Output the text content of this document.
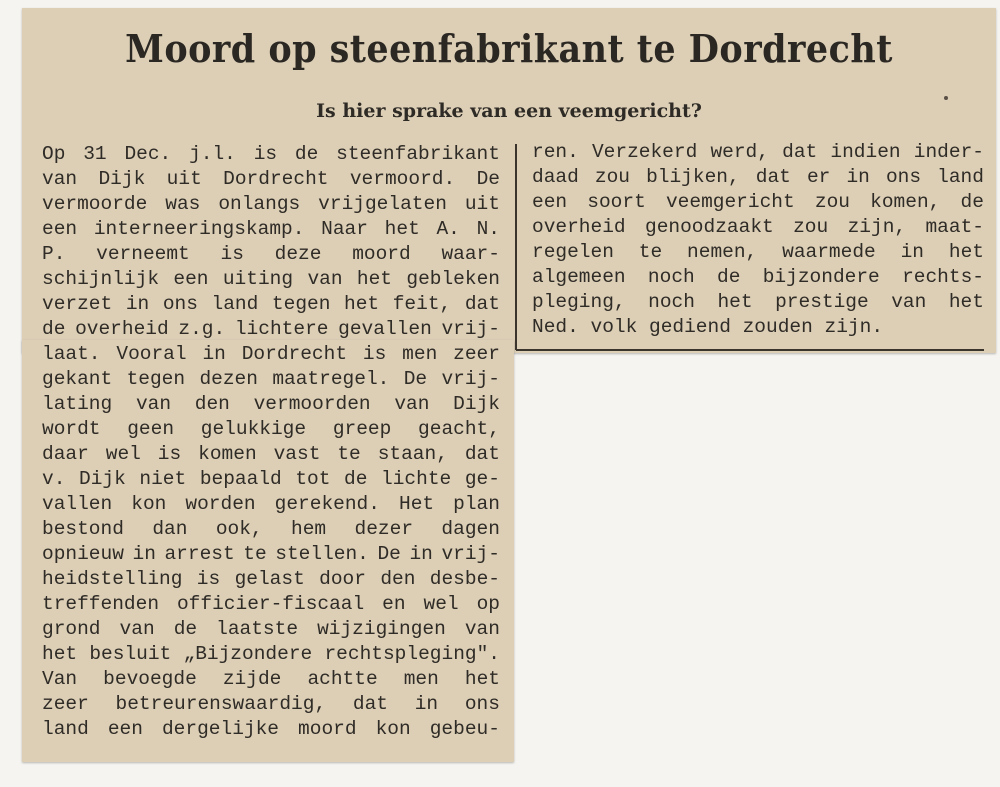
Moord op steenfabrikant te Dordrecht
Is hier sprake van een veemgericht?
Op 31 Dec. j.l. is de steenfabrikant
van Dijk uit Dordrecht vermoord. De
vermoorde was onlangs vrijgelaten uit
een interneeringskamp. Naar het A. N.
P. verneemt is deze moord waar-
schijnlijk een uiting van het gebleken
verzet in ons land tegen het feit, dat
de overheid z.g. lichtere gevallen vrij-
laat. Vooral in Dordrecht is men zeer
gekant tegen dezen maatregel. De vrij-
lating van den vermoorden van Dijk
wordt geen gelukkige greep geacht,
daar wel is komen vast te staan, dat
v. Dijk niet bepaald tot de lichte ge-
vallen kon worden gerekend. Het plan
bestond dan ook, hem dezer dagen
opnieuw in arrest te stellen. De in vrij-
heidstelling is gelast door den desbe-
treffenden officier-fiscaal en wel op
grond van de laatste wijzigingen van
het besluit „Bijzondere rechtspleging".
Van bevoegde zijde achtte men het
zeer betreurenswaardig, dat in ons
land een dergelijke moord kon gebeu-
ren. Verzekerd werd, dat indien inder-
daad zou blijken, dat er in ons land
een soort veemgericht zou komen, de
overheid genoodzaakt zou zijn, maat-
regelen te nemen, waarmede in het
algemeen noch de bijzondere rechts-
pleging, noch het prestige van het
Ned. volk gediend zouden zijn.
